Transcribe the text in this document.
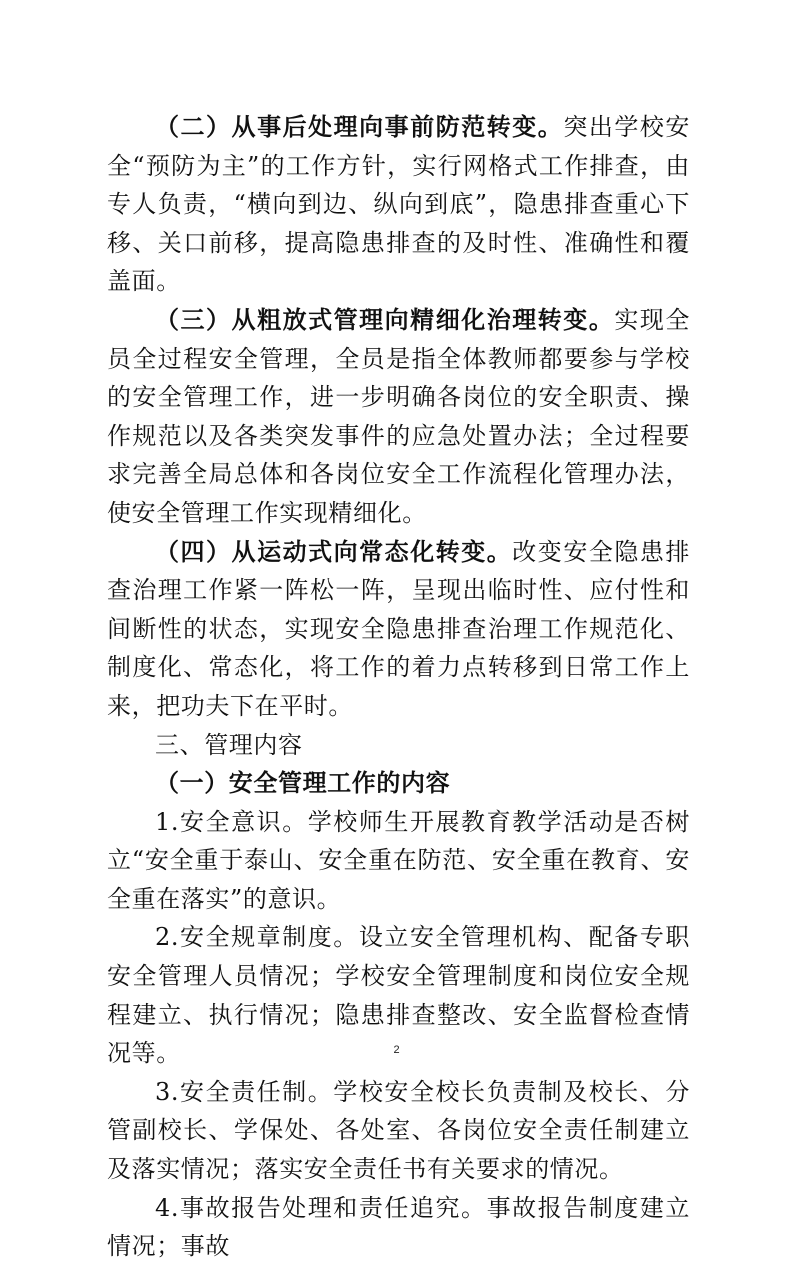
（二）从事后处理向事前防范转变。突出学校安全“预防为主”的工作方针，实行网格式工作排查，由专人负责，“横向到边、纵向到底”，隐患排查重心下移、关口前移，提高隐患排查的及时性、准确性和覆盖面。

（三）从粗放式管理向精细化治理转变。实现全员全过程安全管理，全员是指全体教师都要参与学校的安全管理工作，进一步明确各岗位的安全职责、操作规范以及各类突发事件的应急处置办法；全过程要求完善全局总体和各岗位安全工作流程化管理办法，使安全管理工作实现精细化。

（四）从运动式向常态化转变。改变安全隐患排查治理工作紧一阵松一阵，呈现出临时性、应付性和间断性的状态，实现安全隐患排查治理工作规范化、制度化、常态化，将工作的着力点转移到日常工作上来，把功夫下在平时。

三、管理内容

（一）安全管理工作的内容

1.安全意识。学校师生开展教育教学活动是否树立“安全重于泰山、安全重在防范、安全重在教育、安全重在落实”的意识。

2.安全规章制度。设立安全管理机构、配备专职安全管理人员情况；学校安全管理制度和岗位安全规程建立、执行情况；隐患排查整改、安全监督检查情况等。

3.安全责任制。学校安全校长负责制及校长、分管副校长、学保处、各处室、各岗位安全责任制建立及落实情况；落实安全责任书有关要求的情况。

4.事故报告处理和责任追究。事故报告制度建立情况；事故

2
